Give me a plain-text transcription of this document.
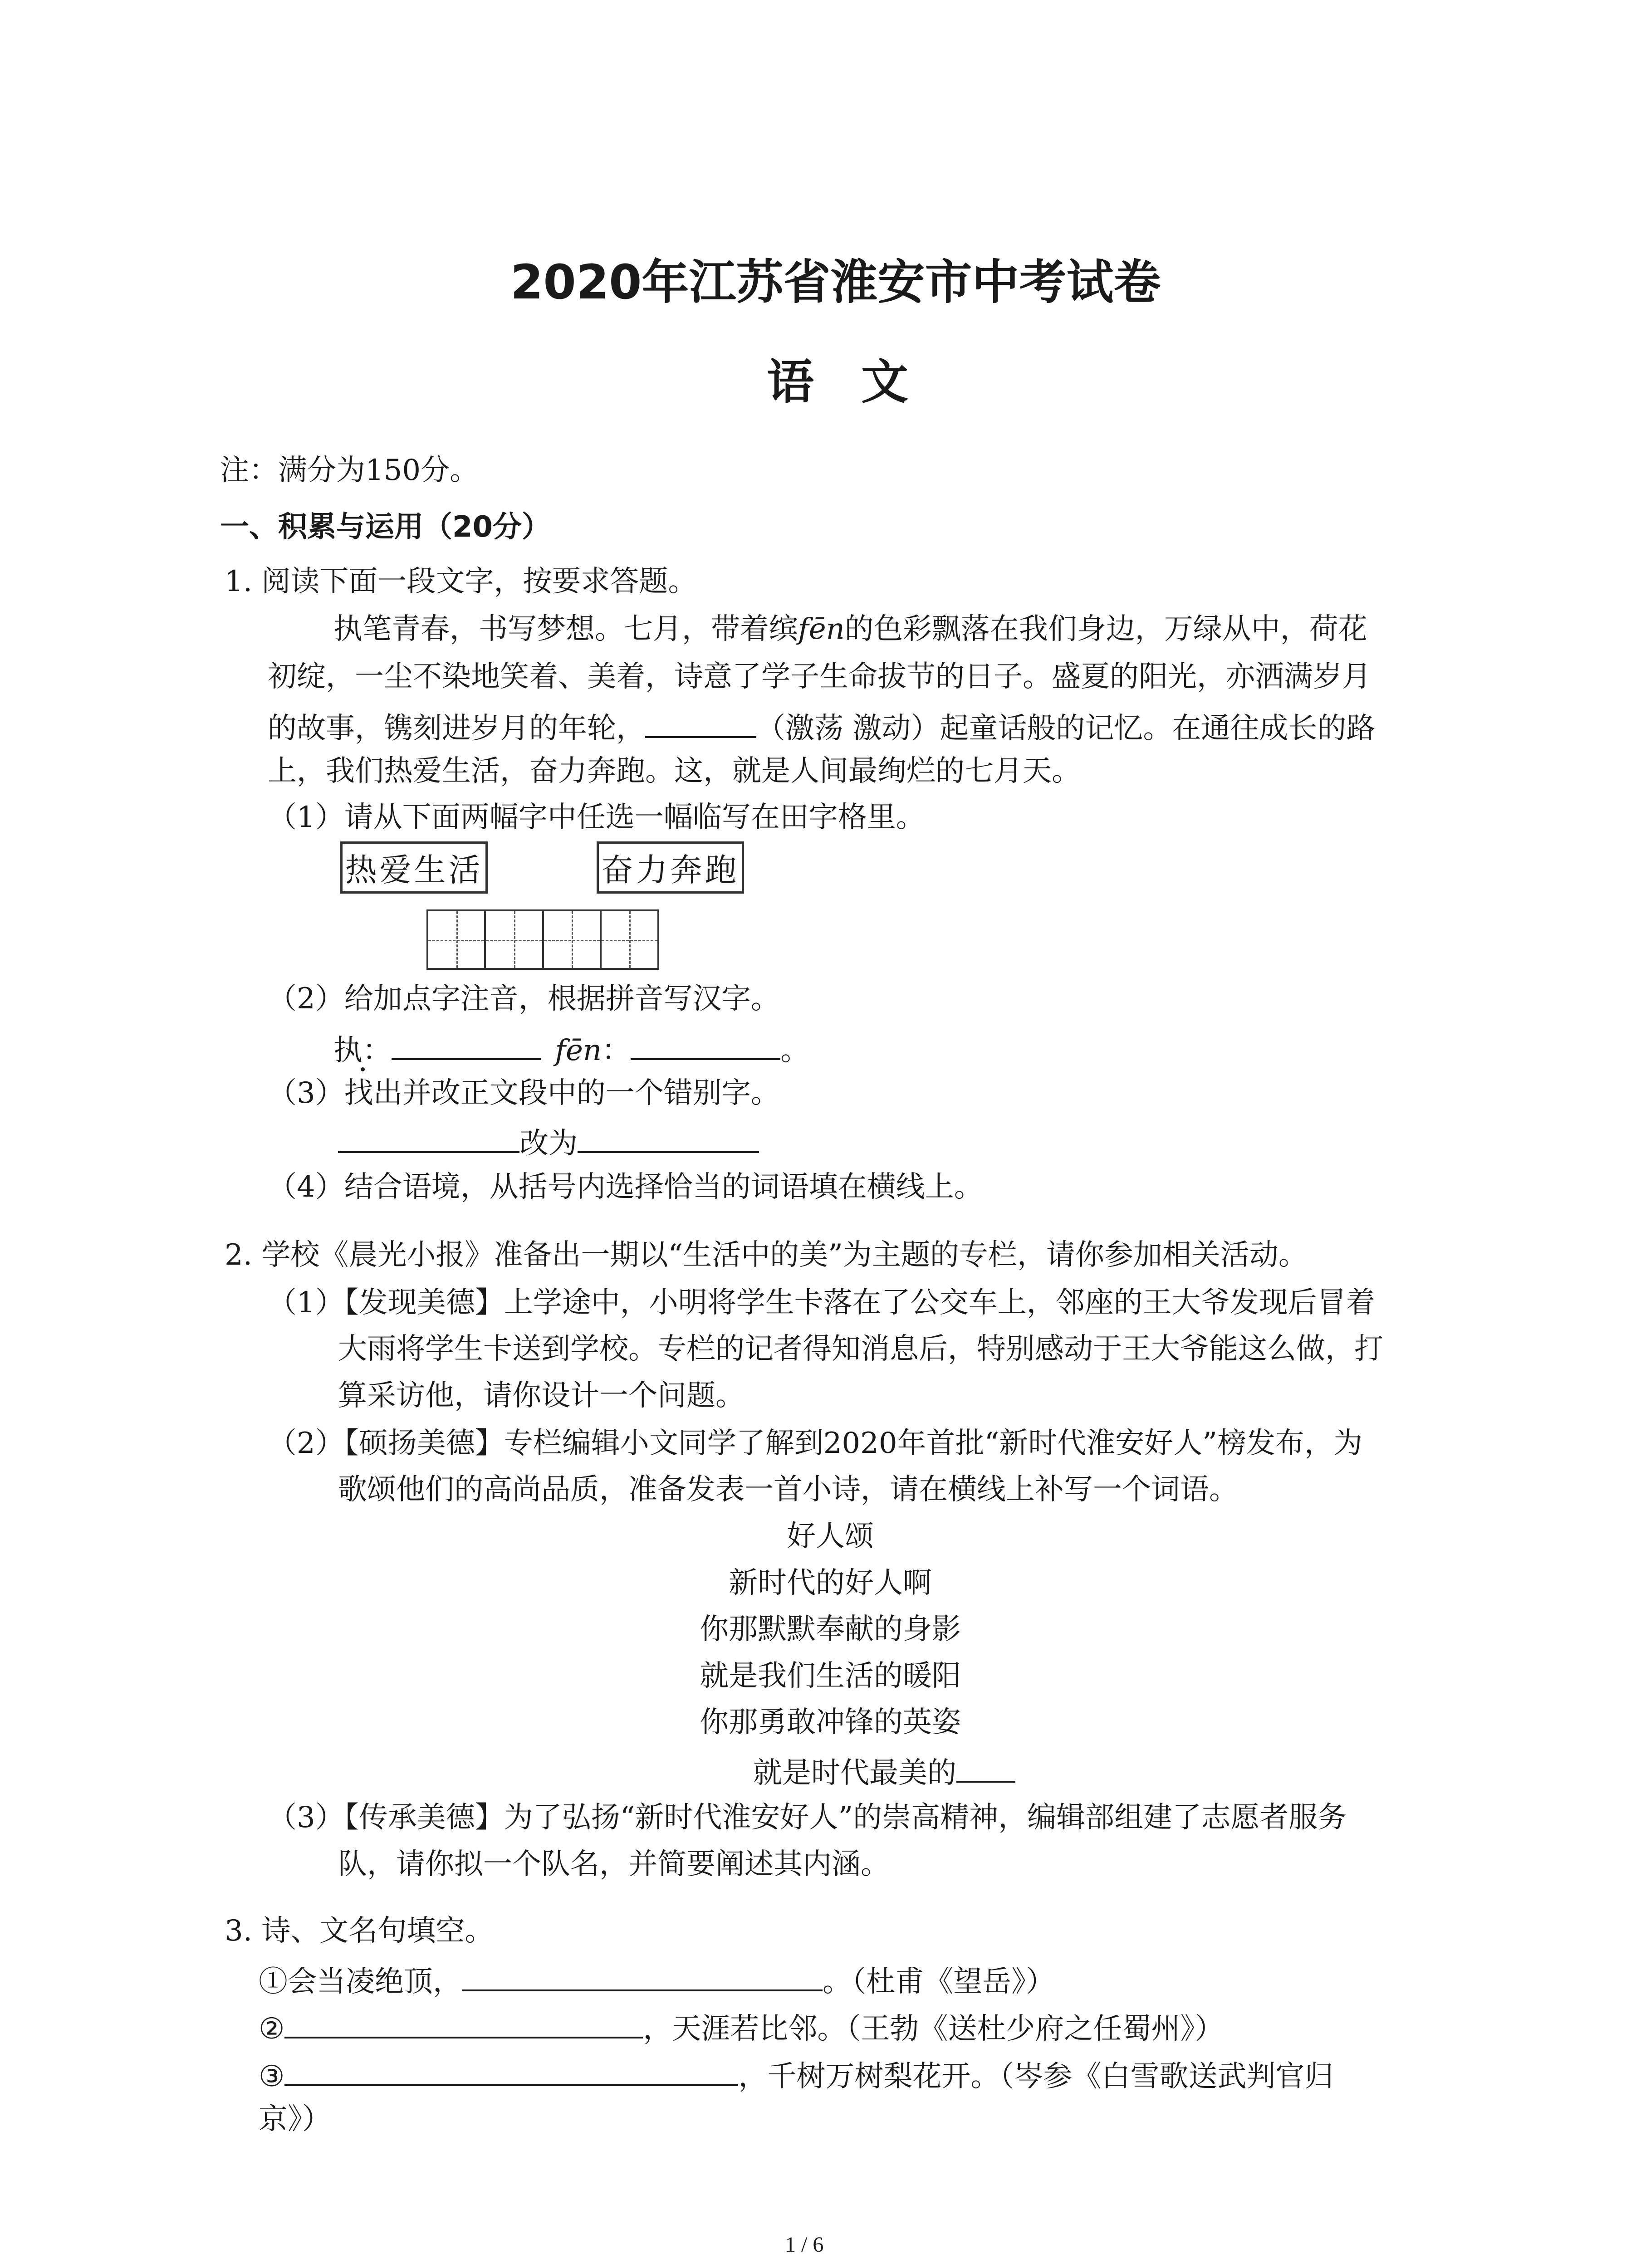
2020年江苏省淮安市中考试卷
语　文
注：满分为150分。
一、积累与运用（20分）
1. 阅读下面一段文字，按要求答题。
执笔青春，书写梦想。七月，带着缤fēn的色彩飘落在我们身边，万绿从中，荷花
初绽，一尘不染地笑着、美着，诗意了学子生命拔节的日子。盛夏的阳光，亦洒满岁月
的故事，镌刻进岁月的年轮，	（激荡 激动）起童话般的记忆。在通往成长的路
上，我们热爱生活，奋力奔跑。这，就是人间最绚烂的七月天。
（1）请从下面两幅字中任选一幅临写在田字格里。
热爱生活	奋力奔跑
（2）给加点字注音，根据拼音写汉字。
执：	fēn：	。
（3）找出并改正文段中的一个错别字。
改为
（4）结合语境，从括号内选择恰当的词语填在横线上。
2. 学校《晨光小报》准备出一期以“生活中的美”为主题的专栏，请你参加相关活动。
（1）【发现美德】上学途中，小明将学生卡落在了公交车上，邻座的王大爷发现后冒着
大雨将学生卡送到学校。专栏的记者得知消息后，特别感动于王大爷能这么做，打
算采访他，请你设计一个问题。
（2）【硕扬美德】专栏编辑小文同学了解到2020年首批“新时代淮安好人”榜发布，为
歌颂他们的高尚品质，准备发表一首小诗，请在横线上补写一个词语。
好人颂
新时代的好人啊
你那默默奉献的身影
就是我们生活的暖阳
你那勇敢冲锋的英姿
就是时代最美的
（3）【传承美德】为了弘扬“新时代淮安好人”的崇高精神，编辑部组建了志愿者服务
队，请你拟一个队名，并简要阐述其内涵。
3. 诗、文名句填空。
①会当凌绝顶，	。（杜甫《望岳》）
②	，天涯若比邻。（王勃《送杜少府之任蜀州》）
③	，千树万树梨花开。（岑参《白雪歌送武判官归
京》）
1 / 6
